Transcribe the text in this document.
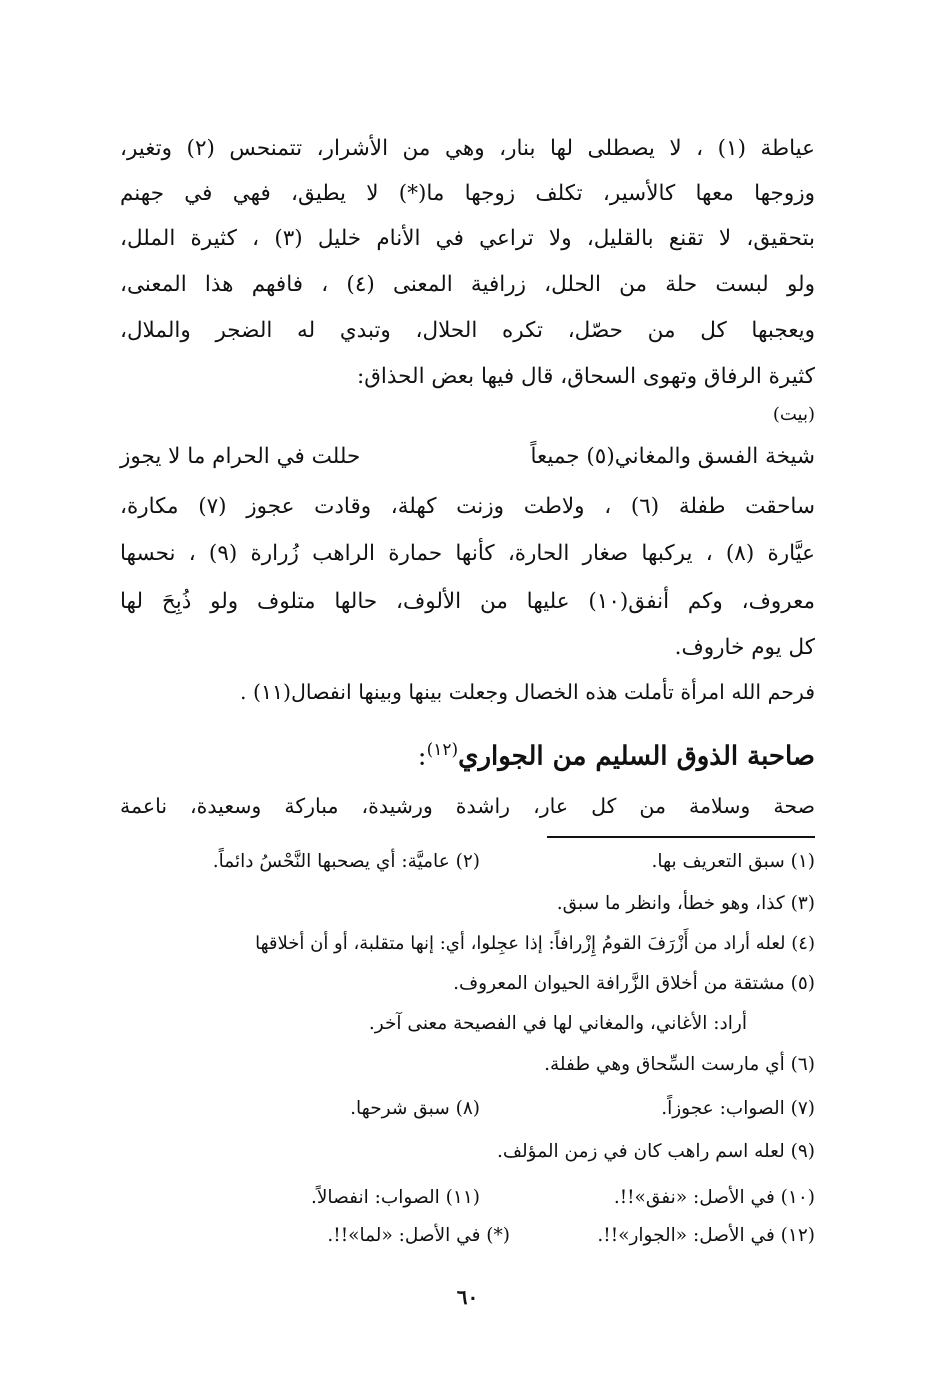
عياطة (١) ، لا يصطلى لها بنار، وهي من الأشرار، تتمنحس (٢) وتغير،
وزوجها معها كالأسير، تكلف زوجها ما(*) لا يطيق، فهي في جهنم
بتحقيق، لا تقنع بالقليل، ولا تراعي في الأنام خليل (٣) ، كثيرة الملل،
ولو لبست حلة من الحلل، زرافية المعنى (٤) ، فافهم هذا المعنى،
ويعجبها كل من حصّل، تكره الحلال، وتبدي له الضجر والملال،
كثيرة الرفاق وتهوى السحاق، قال فيها بعض الحذاق:
(بيت)
شيخة الفسق والمغاني(٥) جميعاً
حللت في الحرام ما لا يجوز
ساحقت طفلة (٦) ، ولاطت وزنت كهلة، وقادت عجوز (٧) مكارة،
عيَّارة (٨) ، يركبها صغار الحارة، كأنها حمارة الراهب زُرارة (٩) ، نحسها
معروف، وكم أنفق(١٠) عليها من الألوف، حالها متلوف ولو ذُبِحَ لها
كل يوم خاروف.
فرحم الله امرأة تأملت هذه الخصال وجعلت بينها وبينها انفصال(١١) .
صاحبة الذوق السليم من الجواري$^{(١٢)}$:
صحة وسلامة من كل عار، راشدة ورشيدة، مباركة وسعيدة، ناعمة
(١) سبق التعريف بها.
(٢) عاميَّة: أي يصحبها النَّحْسُ دائماً.
(٣) كذا، وهو خطأ، وانظر ما سبق.
(٤) لعله أراد من أَزْرَفَ القومُ إِزْرافاً: إذا عجِلوا، أي: إنها متقلبة، أو أن أخلاقها
(٥) مشتقة من أخلاق الزَّرافة الحيوان المعروف.
أراد: الأغاني، والمغاني لها في الفصيحة معنى آخر.
(٦) أي مارست السِّحاق وهي طفلة.
(٧) الصواب: عجوزاً.
(٨) سبق شرحها.
(٩) لعله اسم راهب كان في زمن المؤلف.
(١٠) في الأصل: «نفق»!!.
(١١) الصواب: انفصالاً.
(١٢) في الأصل: «الجوار»!!.
(*) في الأصل: «لما»!!.
٦٠
